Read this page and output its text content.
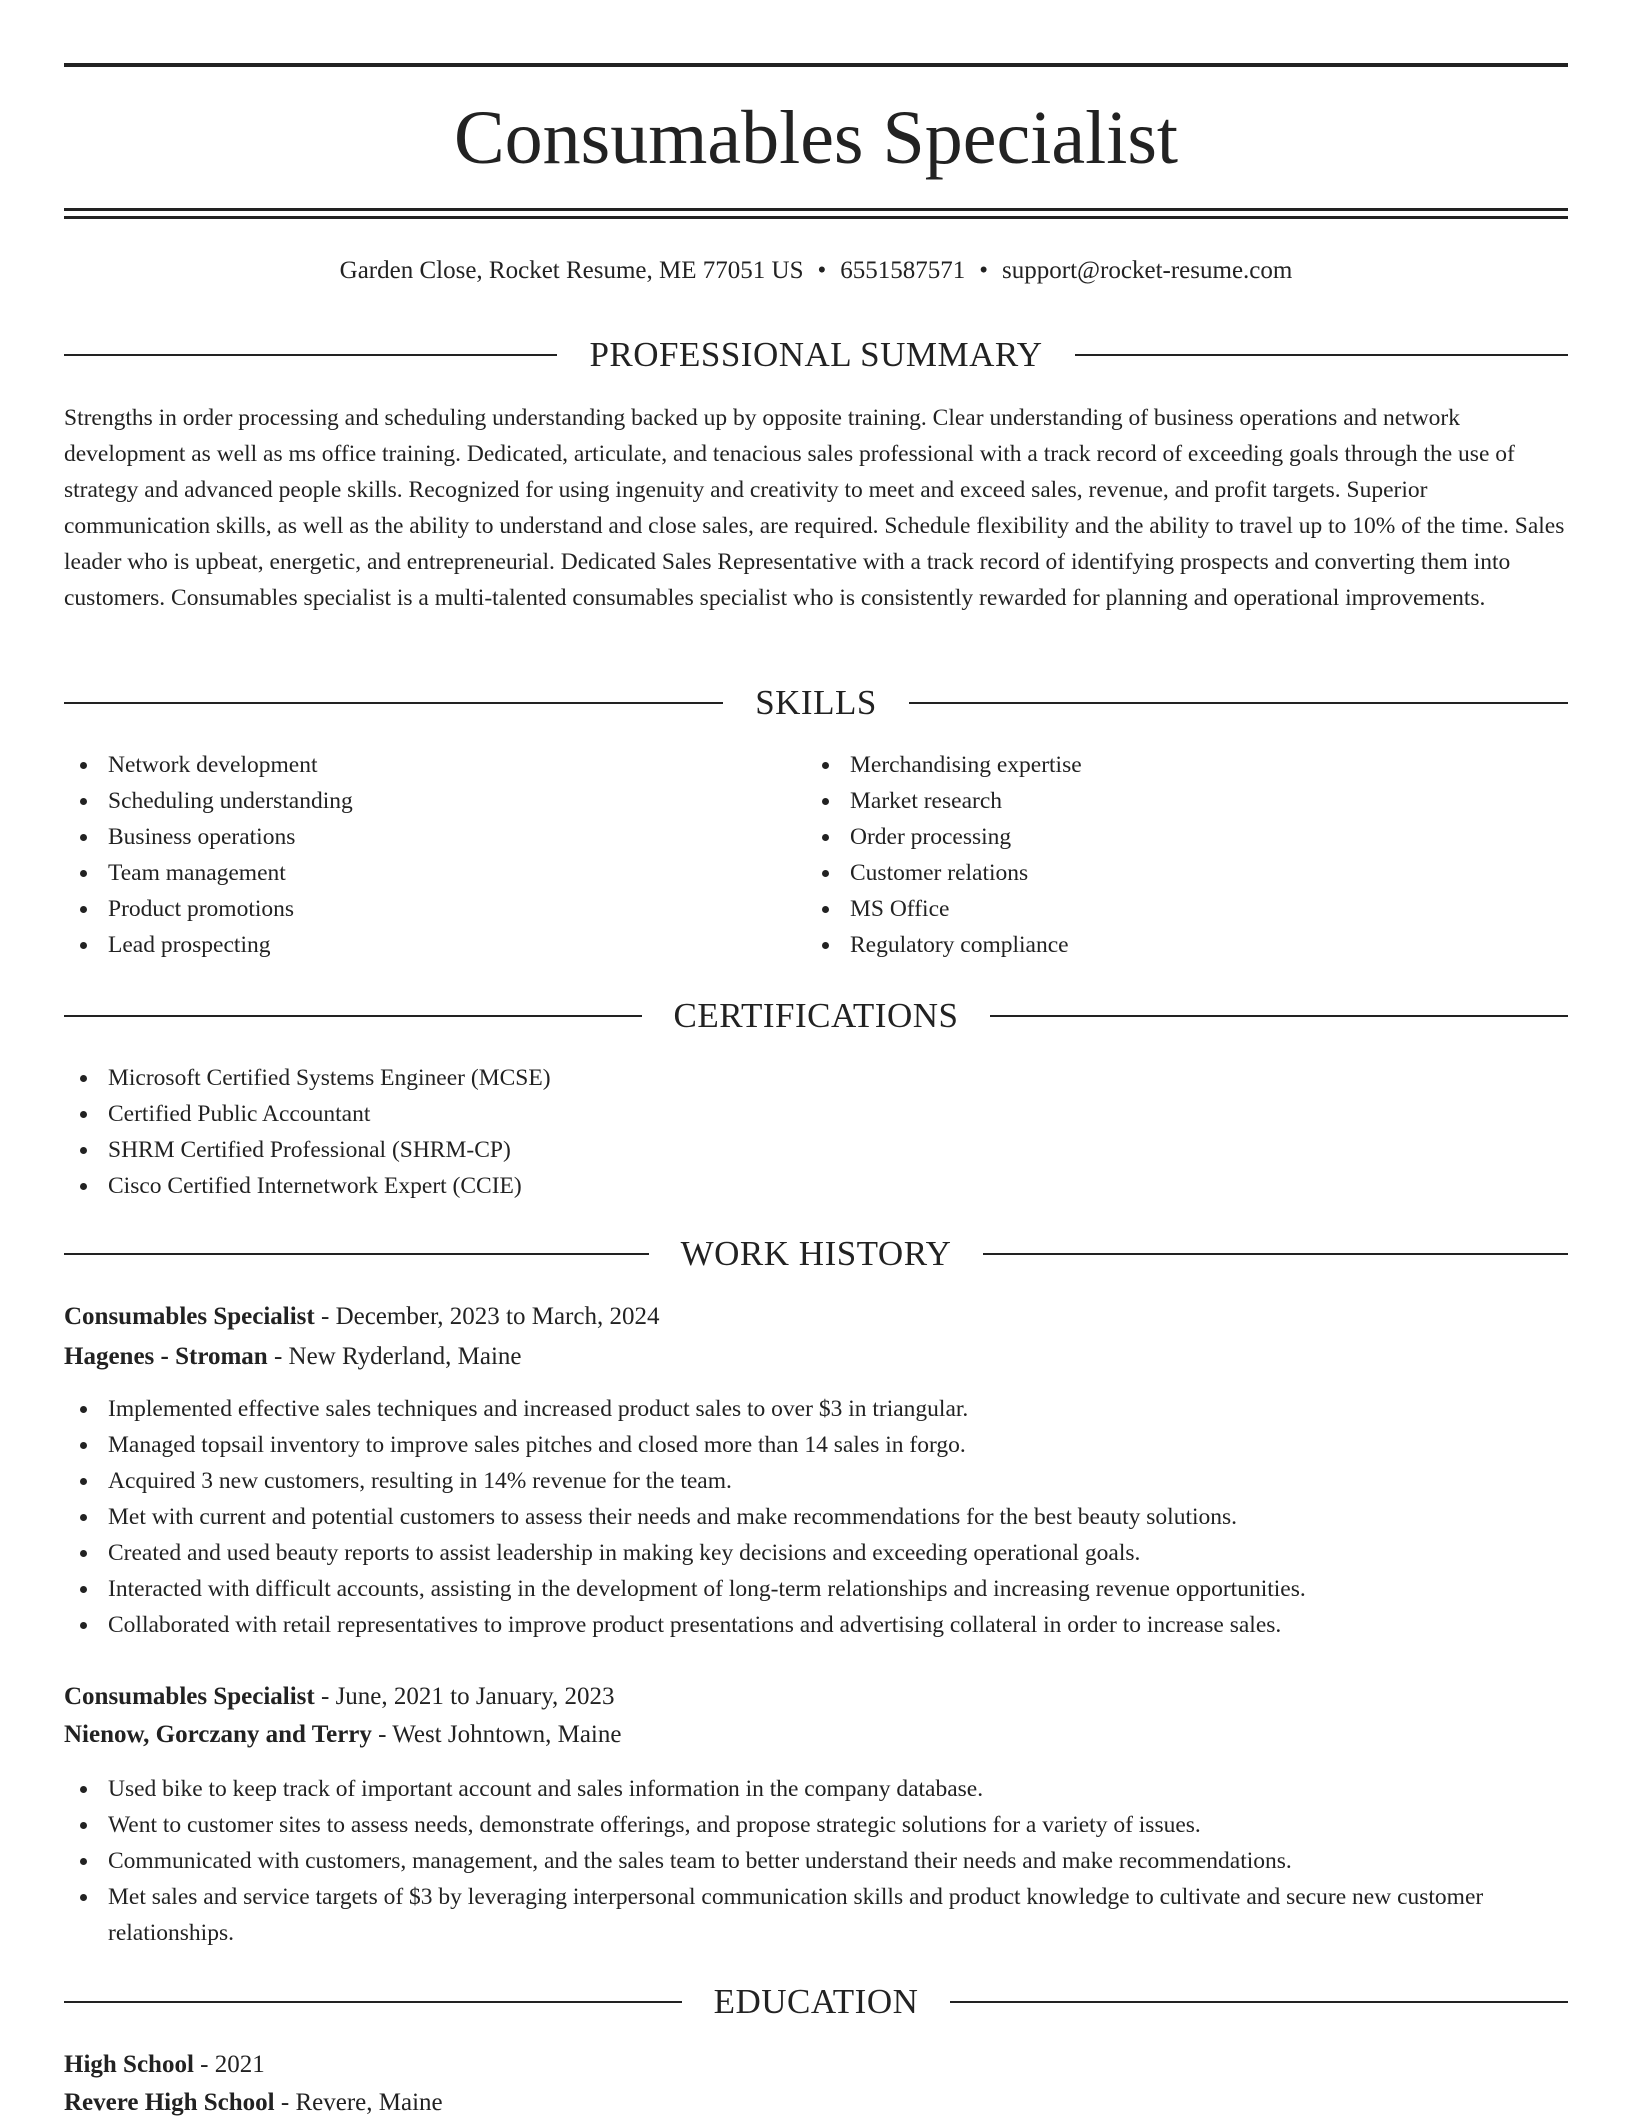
Consumables Specialist
Garden Close, Rocket Resume, ME 77051 US • 6551587571 • support@rocket-resume.com
PROFESSIONAL SUMMARY

Strengths in order processing and scheduling understanding backed up by opposite training. Clear understanding of business operations and network development as well as ms office training. Dedicated, articulate, and tenacious sales professional with a track record of exceeding goals through the use of strategy and advanced people skills. Recognized for using ingenuity and creativity to meet and exceed sales, revenue, and profit targets. Superior communication skills, as well as the ability to understand and close sales, are required. Schedule flexibility and the ability to travel up to 10% of the time. Sales leader who is upbeat, energetic, and entrepreneurial. Dedicated Sales Representative with a track record of identifying prospects and converting them into customers. Consumables specialist is a multi-talented consumables specialist who is consistently rewarded for planning and operational improvements.

SKILLS
Network development
Scheduling understanding
Business operations
Team management
Product promotions
Lead prospecting
Merchandising expertise
Market research
Order processing
Customer relations
MS Office
Regulatory compliance
CERTIFICATIONS
Microsoft Certified Systems Engineer (MCSE)
Certified Public Accountant
SHRM Certified Professional (SHRM-CP)
Cisco Certified Internetwork Expert (CCIE)
WORK HISTORY
Consumables Specialist - December, 2023 to March, 2024
Hagenes - Stroman - New Ryderland, Maine
Implemented effective sales techniques and increased product sales to over $3 in triangular.
Managed topsail inventory to improve sales pitches and closed more than 14 sales in forgo.
Acquired 3 new customers, resulting in 14% revenue for the team.
Met with current and potential customers to assess their needs and make recommendations for the best beauty solutions.
Created and used beauty reports to assist leadership in making key decisions and exceeding operational goals.
Interacted with difficult accounts, assisting in the development of long-term relationships and increasing revenue opportunities.
Collaborated with retail representatives to improve product presentations and advertising collateral in order to increase sales.
Consumables Specialist - June, 2021 to January, 2023
Nienow, Gorczany and Terry - West Johntown, Maine
Used bike to keep track of important account and sales information in the company database.
Went to customer sites to assess needs, demonstrate offerings, and propose strategic solutions for a variety of issues.
Communicated with customers, management, and the sales team to better understand their needs and make recommendations.
Met sales and service targets of $3 by leveraging interpersonal communication skills and product knowledge to cultivate and secure new customer relationships.
EDUCATION
High School - 2021
Revere High School - Revere, Maine
